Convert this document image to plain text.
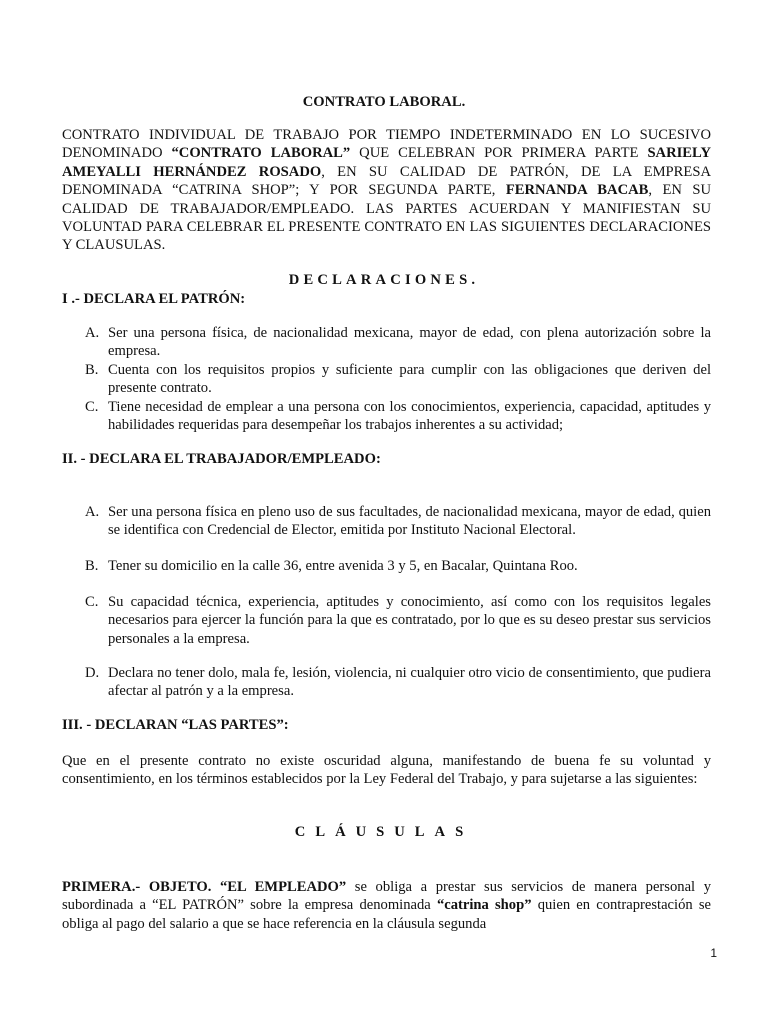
CONTRATO LABORAL.
CONTRATO INDIVIDUAL DE TRABAJO POR TIEMPO INDETERMINADO EN LO SUCESIVO DENOMINADO “CONTRATO LABORAL” QUE CELEBRAN POR PRIMERA PARTE SARIELY AMEYALLI HERNÁNDEZ ROSADO, EN SU CALIDAD DE PATRÓN, DE LA EMPRESA DENOMINADA “CATRINA SHOP”; Y POR SEGUNDA PARTE, FERNANDA BACAB, EN SU CALIDAD DE TRABAJADOR/EMPLEADO. LAS PARTES ACUERDAN Y MANIFIESTAN SU VOLUNTAD PARA CELEBRAR EL PRESENTE CONTRATO EN LAS SIGUIENTES DECLARACIONES Y CLAUSULAS.
DECLARACIONES.
I .- DECLARA EL PATRÓN:
A. Ser una persona física, de nacionalidad mexicana, mayor de edad, con plena autorización sobre la empresa.
B. Cuenta con los requisitos propios y suficiente para cumplir con las obligaciones que deriven del presente contrato.
C. Tiene necesidad de emplear a una persona con los conocimientos, experiencia, capacidad, aptitudes y habilidades requeridas para desempeñar los trabajos inherentes a su actividad;
II. - DECLARA EL TRABAJADOR/EMPLEADO:
A. Ser una persona física en pleno uso de sus facultades, de nacionalidad mexicana, mayor de edad, quien se identifica con Credencial de Elector, emitida por Instituto Nacional Electoral.
B. Tener su domicilio en la calle 36, entre avenida 3 y 5, en Bacalar, Quintana Roo.
C. Su capacidad técnica, experiencia, aptitudes y conocimiento, así como con los requisitos legales necesarios para ejercer la función para la que es contratado, por lo que es su deseo prestar sus servicios personales a la empresa.
D. Declara no tener dolo, mala fe, lesión, violencia, ni cualquier otro vicio de consentimiento, que pudiera afectar al patrón y a la empresa.
III. - DECLARAN “LAS PARTES”:
Que en el presente contrato no existe oscuridad alguna, manifestando de buena fe su voluntad y consentimiento, en los términos establecidos por la Ley Federal del Trabajo, y para sujetarse a las siguientes:
CLÁUSULAS
PRIMERA.- OBJETO. “EL EMPLEADO” se obliga a prestar sus servicios de manera personal y subordinada a “EL PATRÓN” sobre la empresa denominada “catrina shop” quien en contraprestación se obliga al pago del salario a que se hace referencia en la cláusula segunda
1
